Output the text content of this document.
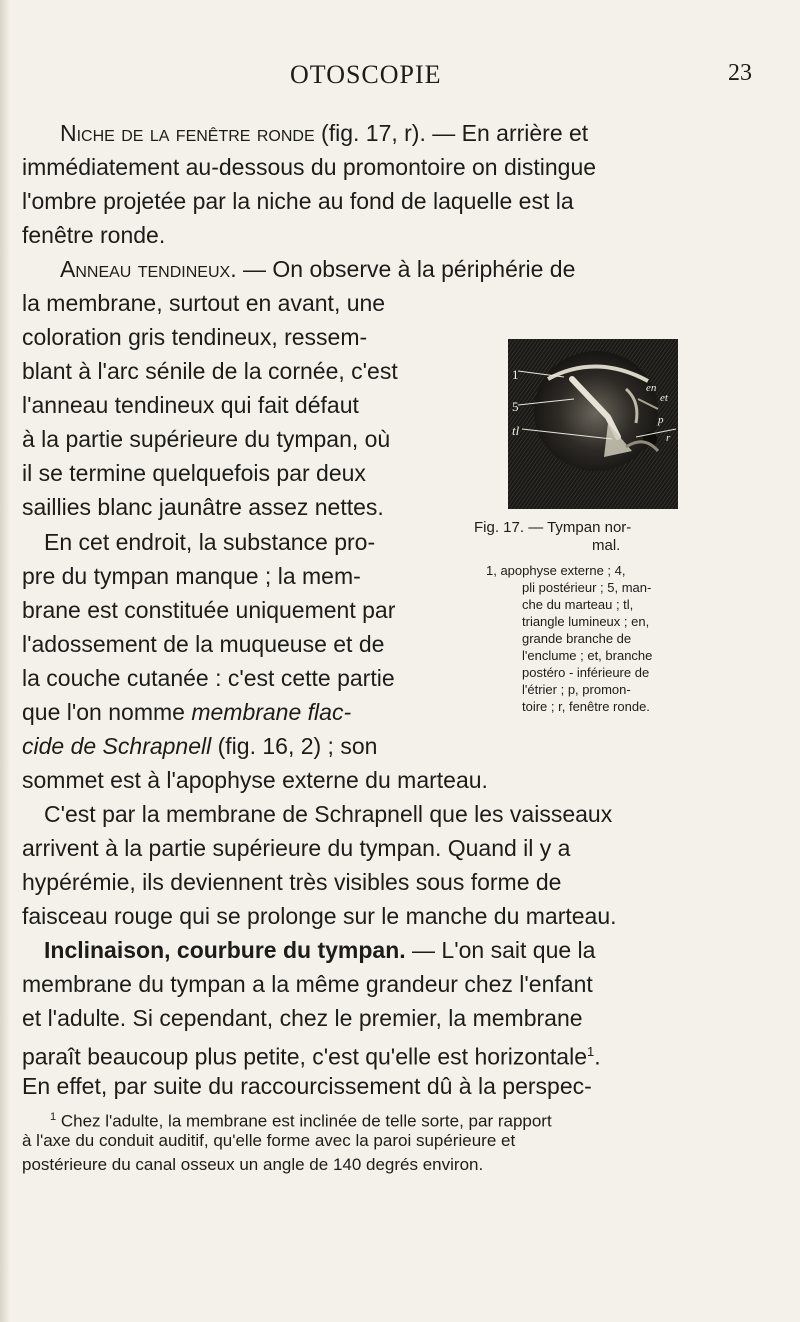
OTOSCOPIE	23
Niche de la fenêtre ronde (fig. 17, r). — En arrière et
immédiatement au-dessous du promontoire on distingue
l'ombre projetée par la niche au fond de laquelle est la
fenêtre ronde.
Anneau tendineux. — On observe à la périphérie de
la membrane, surtout en avant, une
coloration gris tendineux, ressem-
blant à l'arc sénile de la cornée, c'est
l'anneau tendineux qui fait défaut
à la partie supérieure du tympan, où
il se termine quelquefois par deux
saillies blanc jaunâtre assez nettes.
En cet endroit, la substance pro-
pre du tympan manque ; la mem-
brane est constituée uniquement par
l'adossement de la muqueuse et de
la couche cutanée : c'est cette partie
que l'on nomme membrane flac-
cide de Schrapnell (fig. 16, 2) ; son
sommet est à l'apophyse externe du marteau.
C'est par la membrane de Schrapnell que les vaisseaux
arrivent à la partie supérieure du tympan. Quand il y a
hypérémie, ils deviennent très visibles sous forme de
faisceau rouge qui se prolonge sur le manche du marteau.
Inclinaison, courbure du tympan. — L'on sait que la
membrane du tympan a la même grandeur chez l'enfant
et l'adulte. Si cependant, chez le premier, la membrane
paraît beaucoup plus petite, c'est qu'elle est horizontale$^1$.
En effet, par suite du raccourcissement dû à la perspec-
1
5
tl
en
et
p
r
Fig. 17. — Tympan nor-
mal.
1, apophyse externe ; 4,
pli postérieur ; 5, man-
che du marteau ; tl,
triangle lumineux ; en,
grande branche de
l'enclume ; et, branche
postéro - inférieure de
l'étrier ; p, promon-
toire ; r, fenêtre ronde.
$^1$ Chez l'adulte, la membrane est inclinée de telle sorte, par rapport
à l'axe du conduit auditif, qu'elle forme avec la paroi supérieure et
postérieure du canal osseux un angle de 140 degrés environ.
